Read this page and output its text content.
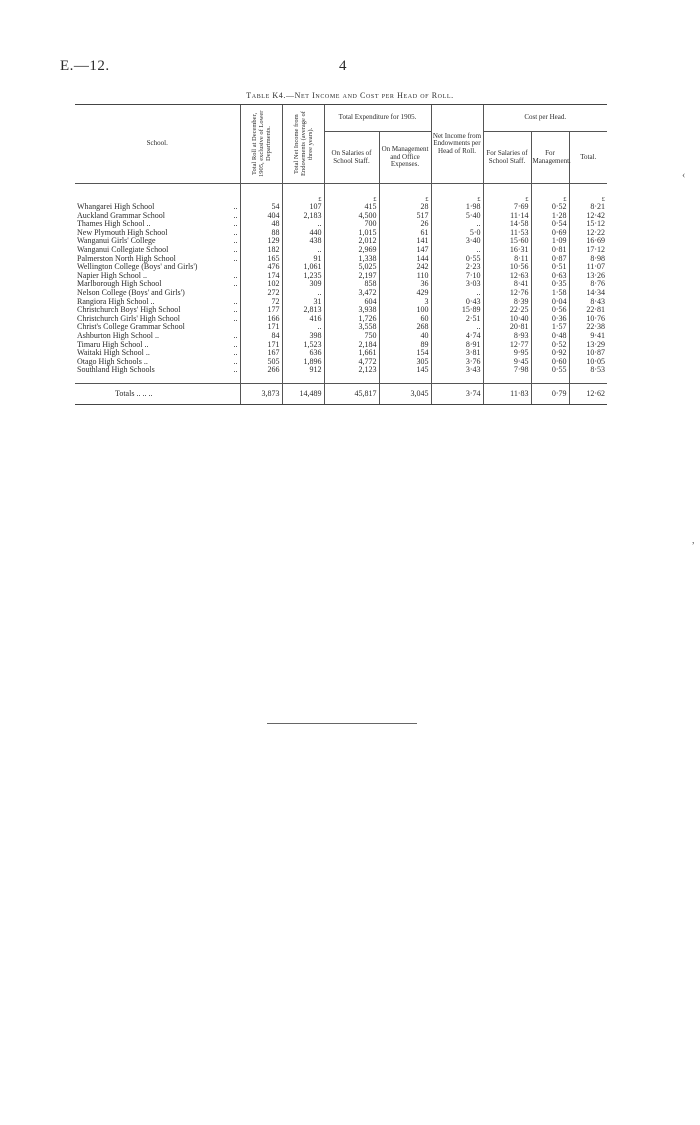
E.—12.	4
Table K4.—Net Income and Cost per Head of Roll.
School.	Total Roll at December, 1905, exclusive of Lower Departments.	Total Net Income from Endowments (average of three years).	Total Expenditure for 1905.		Net Income from Endowments per Head of Roll.	Cost per Head.		
			On Salaries of School Staff.	On Management and Office Expenses.		For Salaries of School Staff.	For Management.	Total.
		£	£	£	£	£	£	£

Whangarei High School ..	54	107	415	28	1·98	7·69	0·52	8·21

Auckland Grammar School ..	404	2,183	4,500	517	5·40	11·14	1·28	12·42

Thames High School .. ..	48	..	700	26	..	14·58	0·54	15·12

New Plymouth High School ..	88	440	1,015	61	5·0	11·53	0·69	12·22

Wanganui Girls' College ..	129	438	2,012	141	3·40	15·60	1·09	16·69

Wanganui Collegiate School ..	182	..	2,969	147	..	16·31	0·81	17·12

Palmerston North High School ..	165	91	1,338	144	0·55	8·11	0·87	8·98

Wellington College (Boys' and Girls')	476	1,061	5,025	242	2·23	10·56	0·51	11·07

Napier High School .. ..	174	1,235	2,197	110	7·10	12·63	0·63	13·26

Marlborough High School ..	102	309	858	36	3·03	8·41	0·35	8·76

Nelson College (Boys' and Girls')	272	..	3,472	429	..	12·76	1·58	14·34

Rangiora High School .. ..	72	31	604	3	0·43	8·39	0·04	8·43

Christchurch Boys' High School ..	177	2,813	3,938	100	15·89	22·25	0·56	22·81

Christchurch Girls' High School ..	166	416	1,726	60	2·51	10·40	0·36	10·76

Christ's College Grammar School	171	..	3,558	268	..	20·81	1·57	22·38

Ashburton High School .. ..	84	398	750	40	4·74	8·93	0·48	9·41

Timaru High School .. ..	171	1,523	2,184	89	8·91	12·77	0·52	13·29

Waitaki High School .. ..	167	636	1,661	154	3·81	9·95	0·92	10·87

Otago High Schools .. ..	505	1,896	4,772	305	3·76	9·45	0·60	10·05

Southland High Schools ..	266	912	2,123	145	3·43	7·98	0·55	8·53
Totals .. .. ..	3,873	14,489	45,817	3,045	3·74	11·83	0·79	12·62
‹
,
